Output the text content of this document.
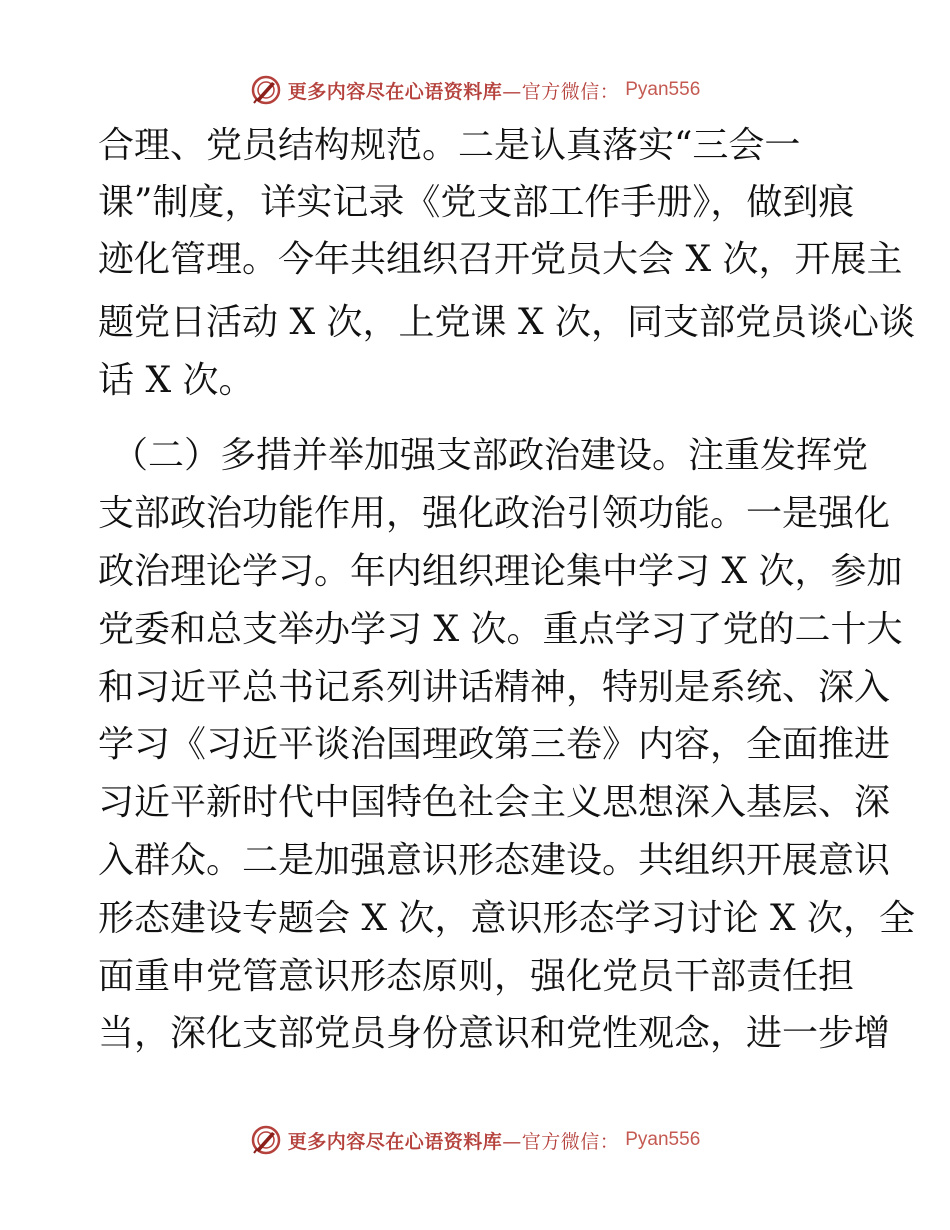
更多内容尽在心语资料库—官方微信： Pyan556
合理、党员结构规范。二是认真落实“三会一
课”制度，详实记录《党支部工作手册》，做到痕
迹化管理。今年共组织召开党员大会 X 次，开展主
题党日活动 X 次，上党课 X 次，同支部党员谈心谈
话 X 次。
（二）多措并举加强支部政治建设。注重发挥党
支部政治功能作用，强化政治引领功能。一是强化
政治理论学习。年内组织理论集中学习 X 次，参加
党委和总支举办学习 X 次。重点学习了党的二十大
和习近平总书记系列讲话精神，特别是系统、深入
学习《习近平谈治国理政第三卷》内容，全面推进
习近平新时代中国特色社会主义思想深入基层、深
入群众。二是加强意识形态建设。共组织开展意识
形态建设专题会 X 次，意识形态学习讨论 X 次，全
面重申党管意识形态原则，强化党员干部责任担
当，深化支部党员身份意识和党性观念，进一步增
更多内容尽在心语资料库—官方微信： Pyan556
